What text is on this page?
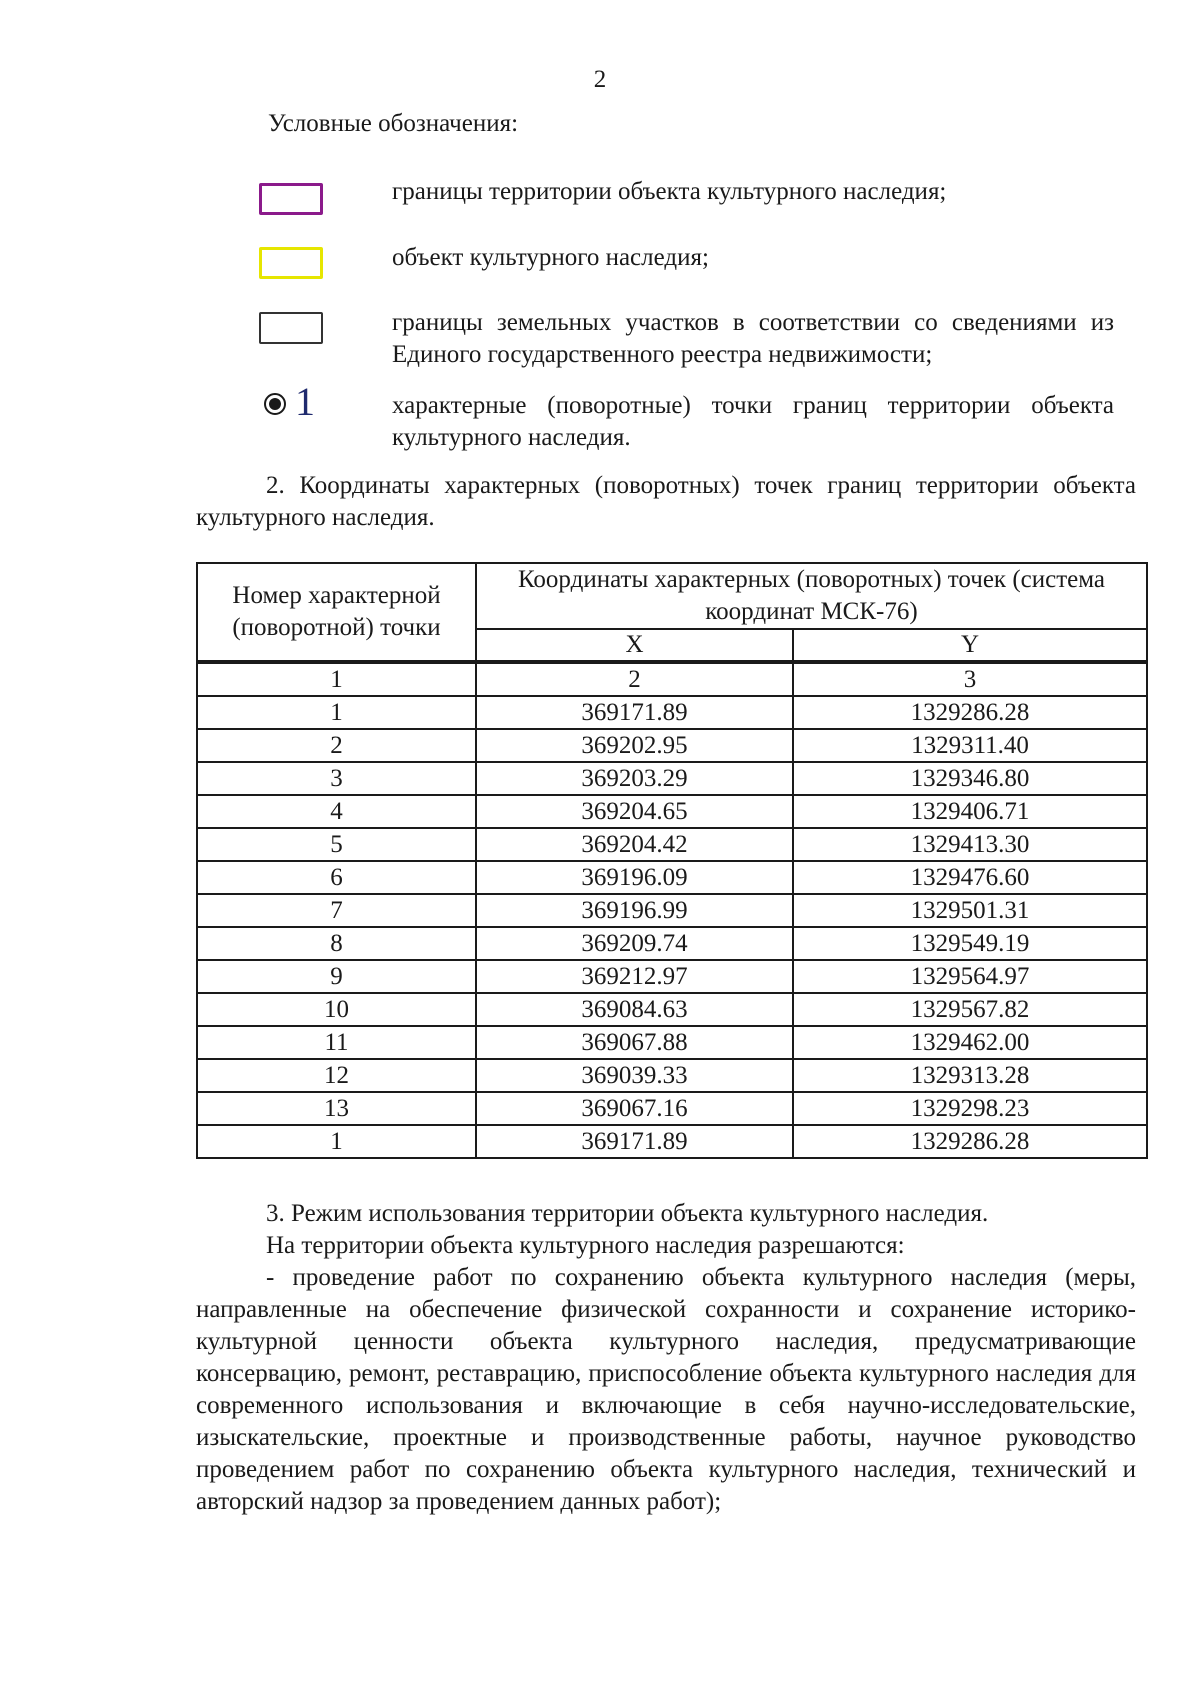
2
Условные обозначения:
границы территории объекта культурного наследия;
объект культурного наследия;
границы земельных участков в соответствии со сведениями из Единого государственного реестра недвижимости;
1	характерные (поворотные) точки границ территории объекта культурного наследия.
2. Координаты характерных (поворотных) точек границ территории объекта культурного наследия.
Номер характерной (поворотной) точки	Координаты характерных (поворотных) точек (система координат МСК-76)	
	X	Y
1	2	3
1	369171.89	1329286.28
2	369202.95	1329311.40
3	369203.29	1329346.80
4	369204.65	1329406.71
5	369204.42	1329413.30
6	369196.09	1329476.60
7	369196.99	1329501.31
8	369209.74	1329549.19
9	369212.97	1329564.97
10	369084.63	1329567.82
11	369067.88	1329462.00
12	369039.33	1329313.28
13	369067.16	1329298.23
1	369171.89	1329286.28
3. Режим использования территории объекта культурного наследия.
На территории объекта культурного наследия разрешаются:
- проведение работ по сохранению объекта культурного наследия (меры, направленные на обеспечение физической сохранности и сохранение историко-культурной ценности объекта культурного наследия, предусматривающие консервацию, ремонт, реставрацию, приспособление объекта культурного наследия для современного использования и включающие в себя научно-исследовательские, изыскательские, проектные и производственные работы, научное руководство проведением работ по сохранению объекта культурного наследия, технический и авторский надзор за проведением данных работ);
